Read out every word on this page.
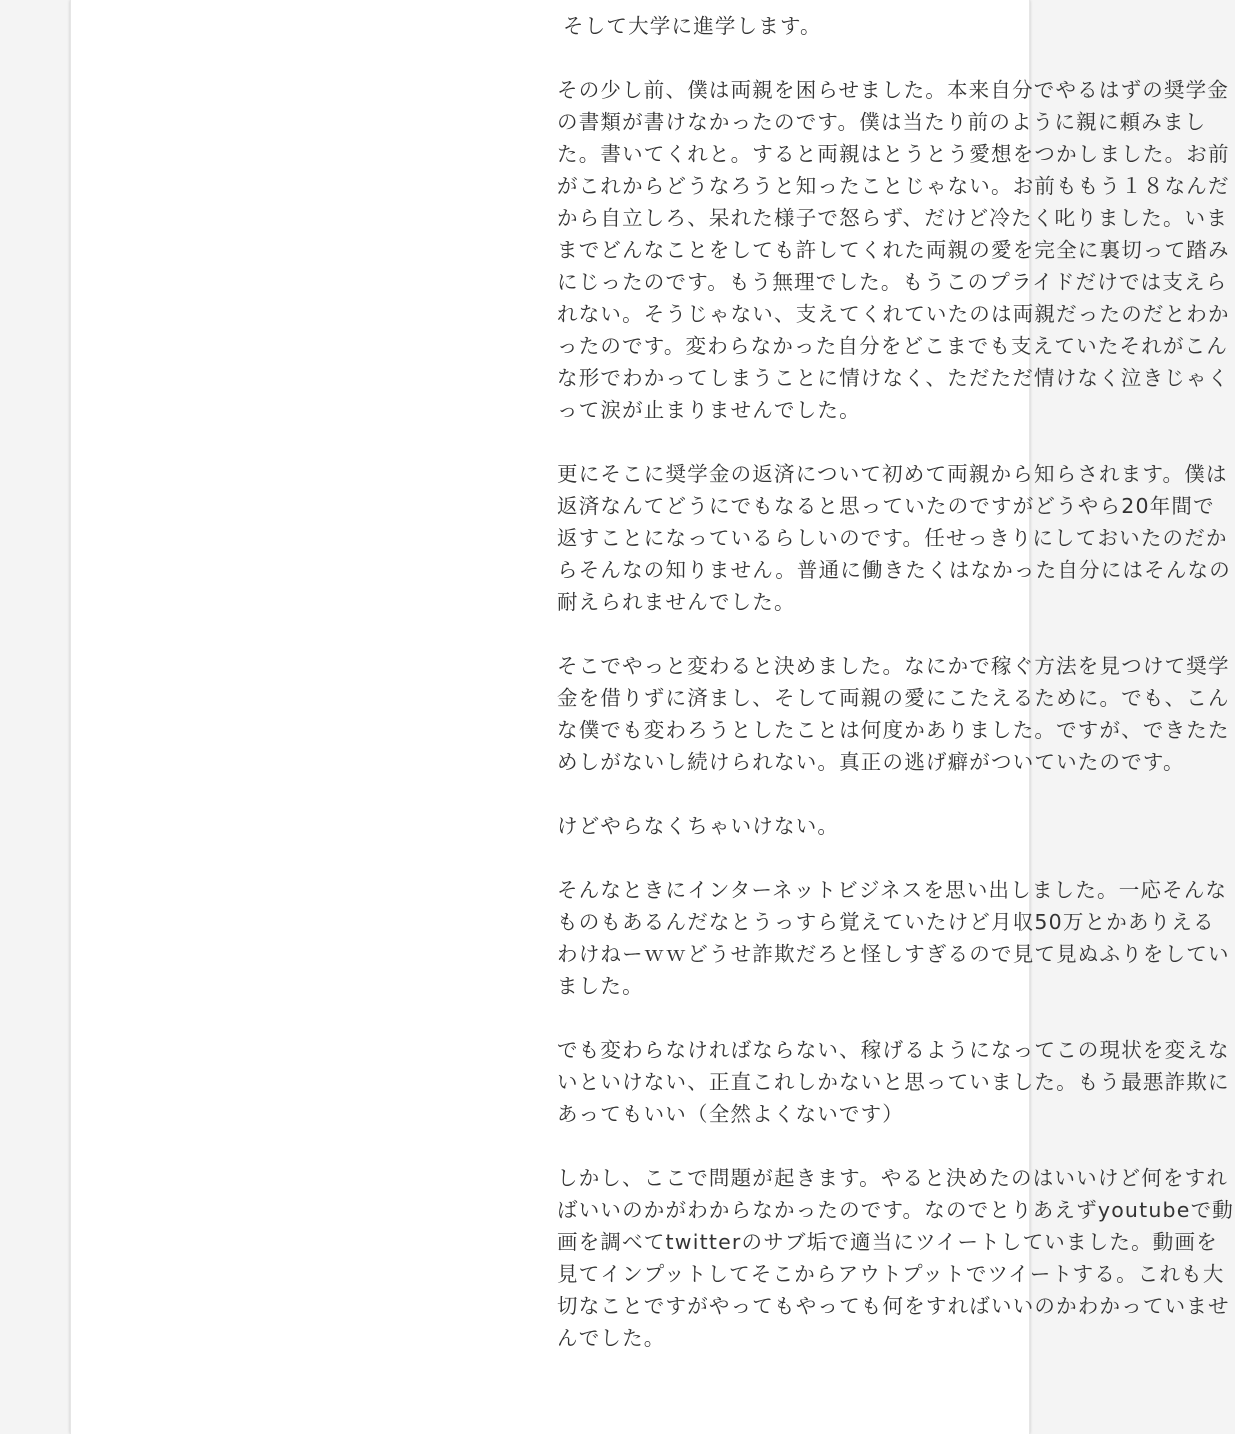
そして大学に進学します。

その少し前、僕は両親を困らせました。本来自分でやるはずの奨学金の書類が書けなかったのです。僕は当たり前のように親に頼みました。書いてくれと。すると両親はとうとう愛想をつかしました。お前がこれからどうなろうと知ったことじゃない。お前ももう１８なんだから自立しろ、呆れた様子で怒らず、だけど冷たく叱りました。いままでどんなことをしても許してくれた両親の愛を完全に裏切って踏みにじったのです。もう無理でした。もうこのプライドだけでは支えられない。そうじゃない、支えてくれていたのは両親だったのだとわかったのです。変わらなかった自分をどこまでも支えていたそれがこんな形でわかってしまうことに情けなく、ただただ情けなく泣きじゃくって涙が止まりませんでした。

更にそこに奨学金の返済について初めて両親から知らされます。僕は返済なんてどうにでもなると思っていたのですがどうやら20年間で返すことになっているらしいのです。任せっきりにしておいたのだからそんなの知りません。普通に働きたくはなかった自分にはそんなの耐えられませんでした。

そこでやっと変わると決めました。なにかで稼ぐ方法を見つけて奨学金を借りずに済まし、そして両親の愛にこたえるために。でも、こんな僕でも変わろうとしたことは何度かありました。ですが、できたためしがないし続けられない。真正の逃げ癖がついていたのです。

けどやらなくちゃいけない。

そんなときにインターネットビジネスを思い出しました。一応そんなものもあるんだなとうっすら覚えていたけど月収50万とかありえるわけねーｗｗどうせ詐欺だろと怪しすぎるので見て見ぬふりをしていました。

でも変わらなければならない、稼げるようになってこの現状を変えないといけない、正直これしかないと思っていました。もう最悪詐欺にあってもいい（全然よくないです）

しかし、ここで問題が起きます。やると決めたのはいいけど何をすればいいのかがわからなかったのです。なのでとりあえずyoutubeで動画を調べてtwitterのサブ垢で適当にツイートしていました。動画を見てインプットしてそこからアウトプットでツイートする。これも大切なことですがやってもやっても何をすればいいのかわかっていませんでした。
